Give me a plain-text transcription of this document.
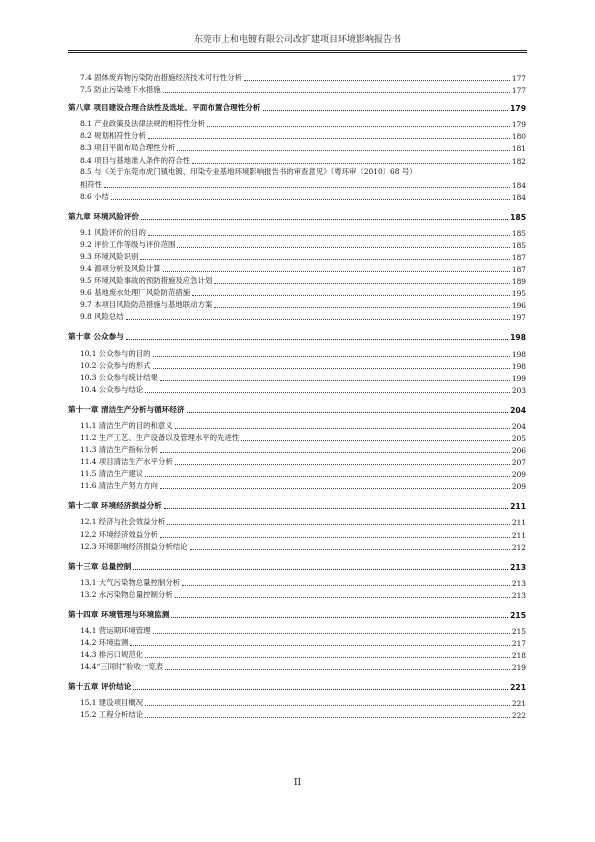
东莞市上和电镀有限公司改扩建项目环境影响报告书
7.4 固体废弃物污染防治措施经济技术可行性分析	177
7.5 防止污染地下水措施	177
第八章 项目建设合理合法性及选址、平面布置合理性分析	179
8.1 产业政策及法律法规的相符性分析	179
8.2 规划相符性分析	180
8.3 项目平面布局合理性分析	181
8.4 项目与基地准入条件的符合性	182
8.5 与《关于东莞市虎门镇电镀、印染专业基地环境影响报告书的审查意见》（粤环审〔2010〕68 号）
相符性	184
8.6 小结	184
第九章 环境风险评价	185
9.1 风险评价的目的	185
9.2 评价工作等级与评价范围	185
9.3 环境风险识别	187
9.4 源项分析及风险计算	187
9.5 环境风险事故的预防措施及应急计划	189
9.6 基地废水处理厂风险防范措施	195
9.7 本项目风险防范措施与基地联动方案	196
9.8 风险总结	197
第十章 公众参与	198
10.1 公众参与的目的	198
10.2 公众参与的形式	198
10.3 公众参与统计结果	199
10.4 公众参与结论	203
第十一章 清洁生产分析与循环经济	204
11.1 清洁生产的目的和意义	204
11.2 生产工艺、生产设备以及管理水平的先进性	205
11.3 清洁生产指标分析	206
11.4 项目清洁生产水平分析	207
11.5 清洁生产建议	209
11.6 清洁生产努力方向	209
第十二章 环境经济损益分析	211
12.1 经济与社会效益分析	211
12.2 环境经济效益分析	211
12.3 环境影响经济损益分析结论	212
第十三章 总量控制	213
13.1 大气污染物总量控制分析	213
13.2 水污染物总量控制分析	213
第十四章 环境管理与环境监测	215
14.1 营运期环境管理	215
14.2 环境监测	217
14.3 排污口规范化	218
14.4“三同时”验收一览表	219
第十五章 评价结论	221
15.1 建设项目概况	221
15.2 工程分析结论	222
II
